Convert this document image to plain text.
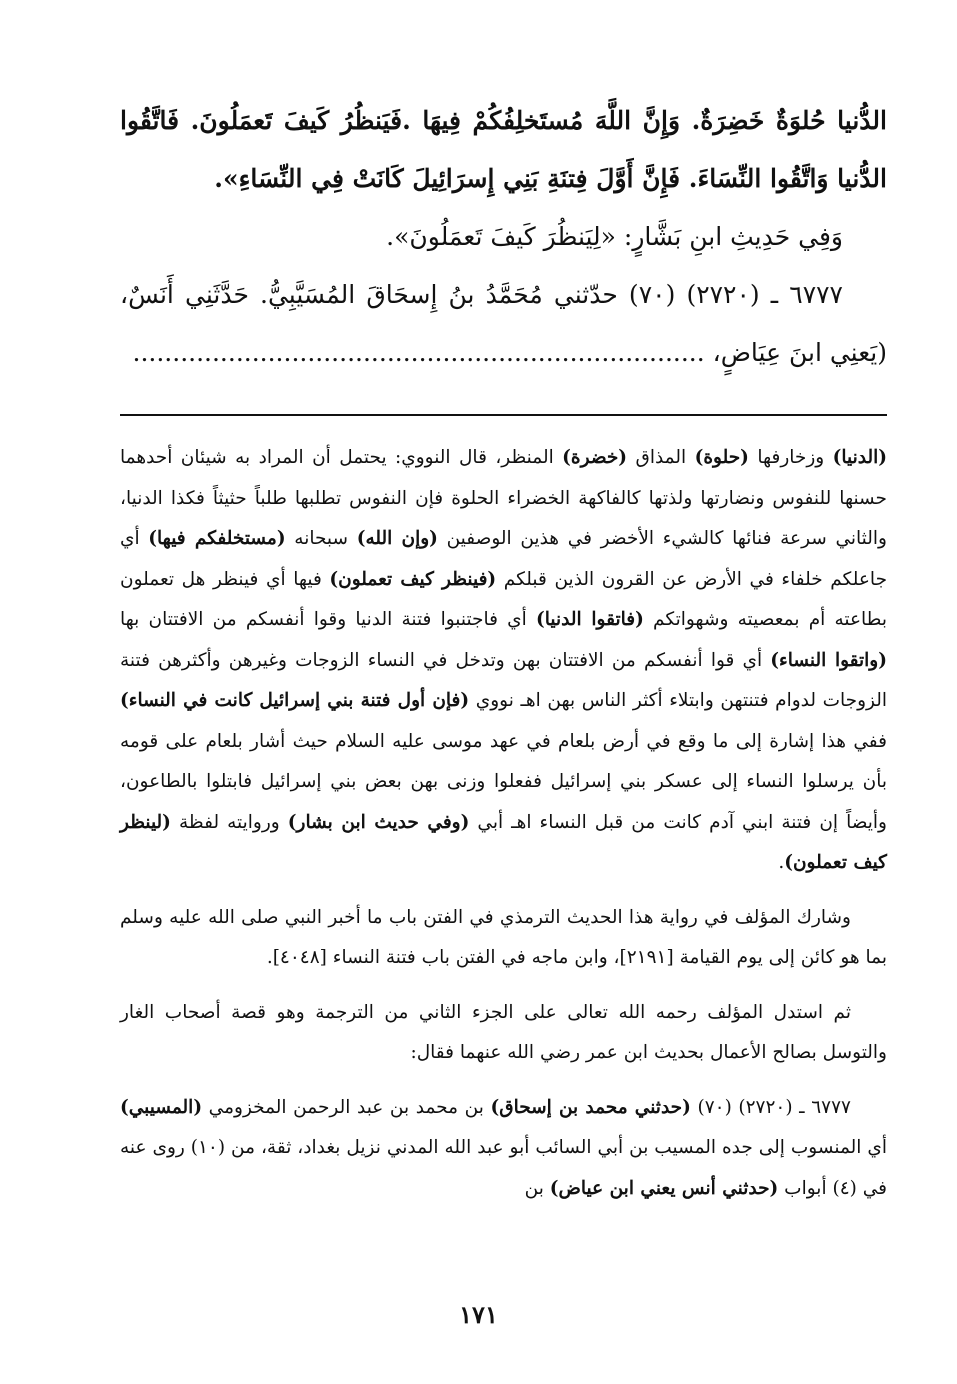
الدُّنيا حُلوَةٌ خَضِرَةٌ. وَإِنَّ اللَّهَ مُستَخلِفُكُمْ فِيهَا .فَيَنظُرُ كَيفَ تَعمَلُونَ. فَاتَّقُوا الدُّنيا وَاتَّقُوا النِّسَاءَ. فَإِنَّ أَوَّلَ فِتنَةِ بَنِي إِسرَائِيلَ كَانَتْ فِي النِّسَاءِ».

وَفِي حَدِيثِ ابنِ بَشَّارٍ: «لِيَنظُرَ كَيفَ تَعمَلُونَ».

٦٧٧٧ ـ (٢٧٢٠) (٧٠) حدّثني مُحَمَّدُ بنُ إِسحَاقَ المُسَيَّبِيُّ. حَدَّثَنِي أَنَسٌ، (يَعنِي ابنَ عِيَاضٍ، ........................................................................

(الدنيا) وزخارفها (حلوة) المذاق (خضرة) المنظر، قال النووي: يحتمل أن المراد به شيئان أحدهما حسنها للنفوس ونضارتها ولذتها كالفاكهة الخضراء الحلوة فإن النفوس تطلبها طلباً حثيثاً فكذا الدنيا، والثاني سرعة فنائها كالشيء الأخضر في هذين الوصفين (وإن الله) سبحانه (مستخلفكم فيها) أي جاعلكم خلفاء في الأرض عن القرون الذين قبلكم (فينظر كيف تعملون) فيها أي فينظر هل تعملون بطاعته أم بمعصيته وشهواتكم (فاتقوا الدنيا) أي فاجتنبوا فتنة الدنيا وقوا أنفسكم من الافتتان بها (واتقوا النساء) أي قوا أنفسكم من الافتتان بهن وتدخل في النساء الزوجات وغيرهن وأكثرهن فتنة الزوجات لدوام فتنتهن وابتلاء أكثر الناس بهن اهـ نووي (فإن أول فتنة بني إسرائيل كانت في النساء) ففي هذا إشارة إلى ما وقع في أرض بلعام في عهد موسى عليه السلام حيث أشار بلعام على قومه بأن يرسلوا النساء إلى عسكر بني إسرائيل ففعلوا وزنى بهن بعض بني إسرائيل فابتلوا بالطاعون، وأيضاً إن فتنة ابني آدم كانت من قبل النساء اهـ أبي (وفي حديث ابن بشار) وروايته لفظة (لينظر كيف تعملون).

وشارك المؤلف في رواية هذا الحديث الترمذي في الفتن باب ما أخبر النبي صلى الله عليه وسلم بما هو كائن إلى يوم القيامة [٢١٩١]، وابن ماجه في الفتن باب فتنة النساء [٤٠٤٨].

ثم استدل المؤلف رحمه الله تعالى على الجزء الثاني من الترجمة وهو قصة أصحاب الغار والتوسل بصالح الأعمال بحديث ابن عمر رضي الله عنهما فقال:

٦٧٧٧ ـ (٢٧٢٠) (٧٠) (حدثني محمد بن إسحاق) بن محمد بن عبد الرحمن المخزومي (المسيبي) أي المنسوب إلى جده المسيب بن أبي السائب أبو عبد الله المدني نزيل بغداد، ثقة، من (١٠) روى عنه في (٤) أبواب (حدثني أنس يعني ابن عياض) بن

١٧١
